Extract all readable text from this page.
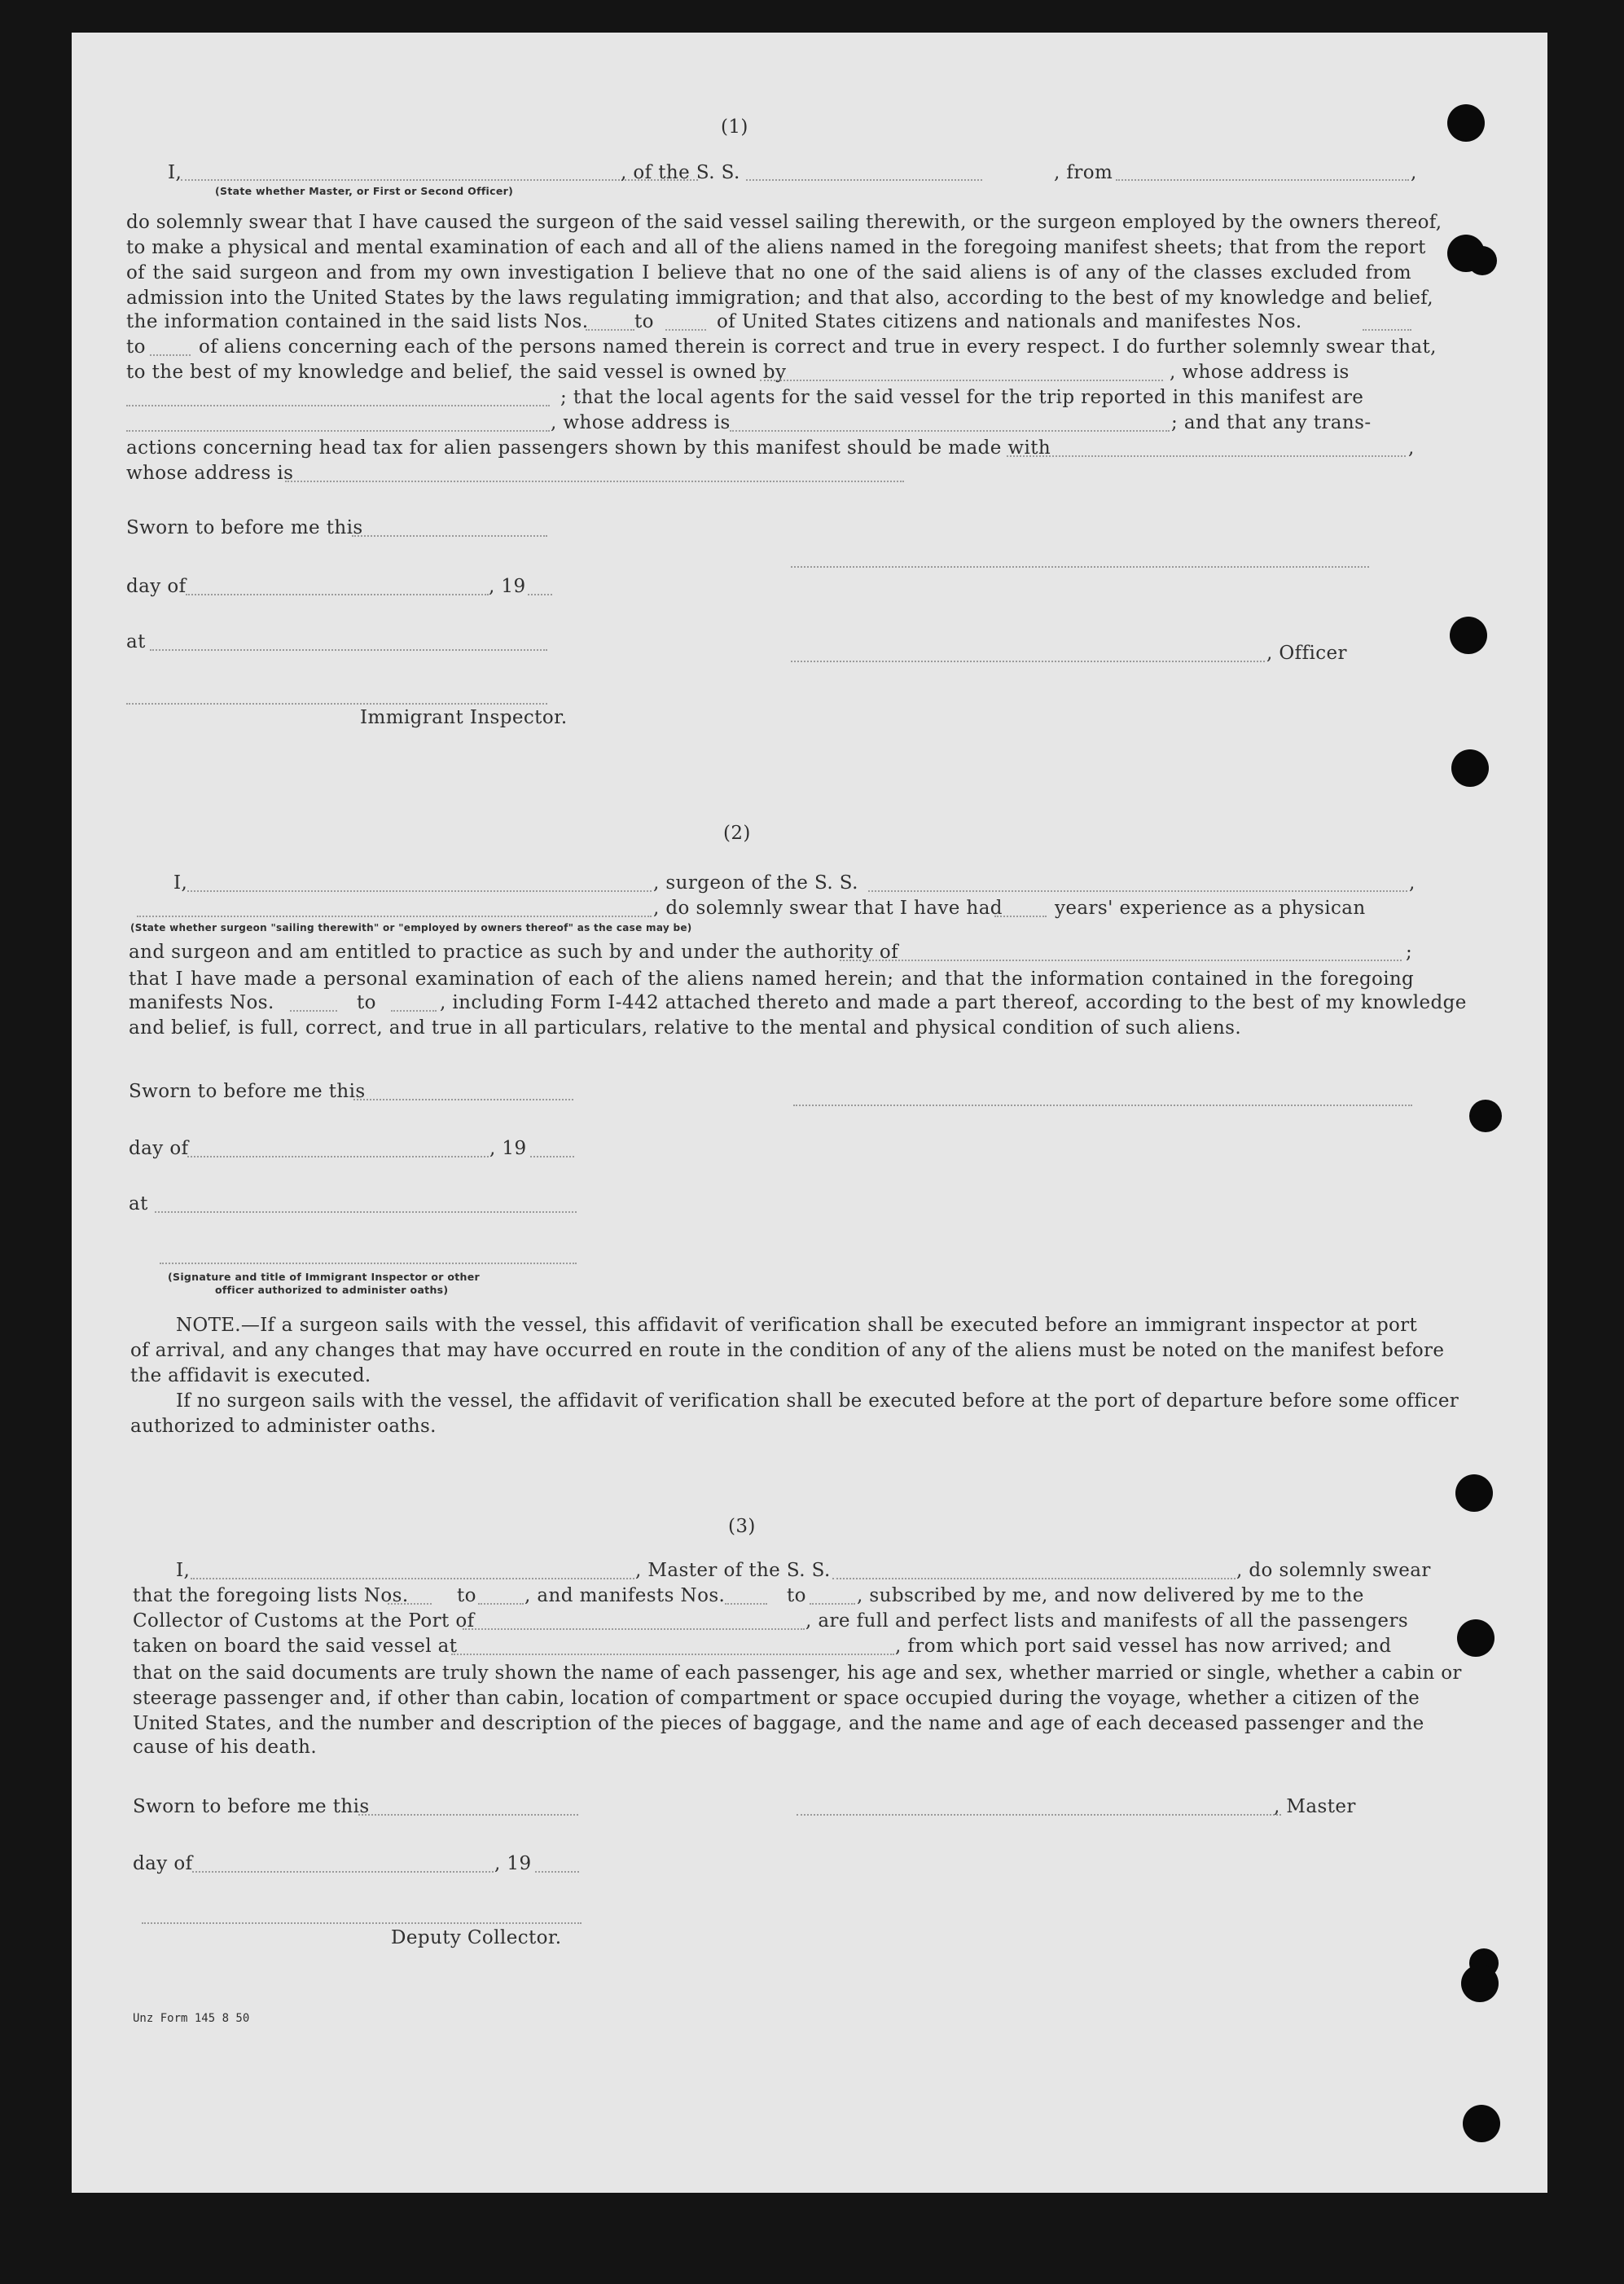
(1)
I,	, of the S. S.	, from	,
(State whether Master, or First or Second Officer)
do solemnly swear that I have caused the surgeon of the said vessel sailing therewith, or the surgeon employed by the owners thereof,
to make a physical and mental examination of each and all of the aliens named in the foregoing manifest sheets; that from the report
of the said surgeon and from my own investigation I believe that no one of the said aliens is of any of the classes excluded from
admission into the United States by the laws regulating immigration; and that also, according to the best of my knowledge and belief,
the information contained in the said lists Nos. to	of United States citizens and nationals and manifestes Nos.
to	of aliens concerning each of the persons named therein is correct and true in every respect. I do further solemnly swear that,
to the best of my knowledge and belief, the said vessel is owned by	, whose address is
; that the local agents for the said vessel for the trip reported in this manifest are
, whose address is	; and that any trans-
actions concerning head tax for alien passengers shown by this manifest should be made with	,
whose address is
Sworn to before me this
day of	, 19
at
, Officer
Immigrant Inspector.
(2)
I,	, surgeon of the S. S.	,
, do solemnly swear that I have had	years' experience as a physican
(State whether surgeon "sailing therewith" or "employed by owners thereof" as the case may be)
and surgeon and am entitled to practice as such by and under the authority of	;
that I have made a personal examination of each of the aliens named herein; and that the information contained in the foregoing
manifests Nos.	to	, including Form I-442 attached thereto and made a part thereof, according to the best of my knowledge
and belief, is full, correct, and true in all particulars, relative to the mental and physical condition of such aliens.
Sworn to before me this
day of	, 19
at
(Signature and title of Immigrant Inspector or other
officer authorized to administer oaths)
NOTE.—If a surgeon sails with the vessel, this affidavit of verification shall be executed before an immigrant inspector at port
of arrival, and any changes that may have occurred en route in the condition of any of the aliens must be noted on the manifest before
the affidavit is executed.
If no surgeon sails with the vessel, the affidavit of verification shall be executed before at the port of departure before some officer
authorized to administer oaths.
(3)
I,	, Master of the S. S.	, do solemnly swear
that the foregoing lists Nos.	to	, and manifests Nos.	to	, subscribed by me, and now delivered by me to the
Collector of Customs at the Port of	, are full and perfect lists and manifests of all the passengers
taken on board the said vessel at	, from which port said vessel has now arrived; and
that on the said documents are truly shown the name of each passenger, his age and sex, whether married or single, whether a cabin or
steerage passenger and, if other than cabin, location of compartment or space occupied during the voyage, whether a citizen of the
United States, and the number and description of the pieces of baggage, and the name and age of each deceased passenger and the
cause of his death.
Sworn to before me this	, Master
day of	, 19
Deputy Collector.
Unz Form 145 8 50
